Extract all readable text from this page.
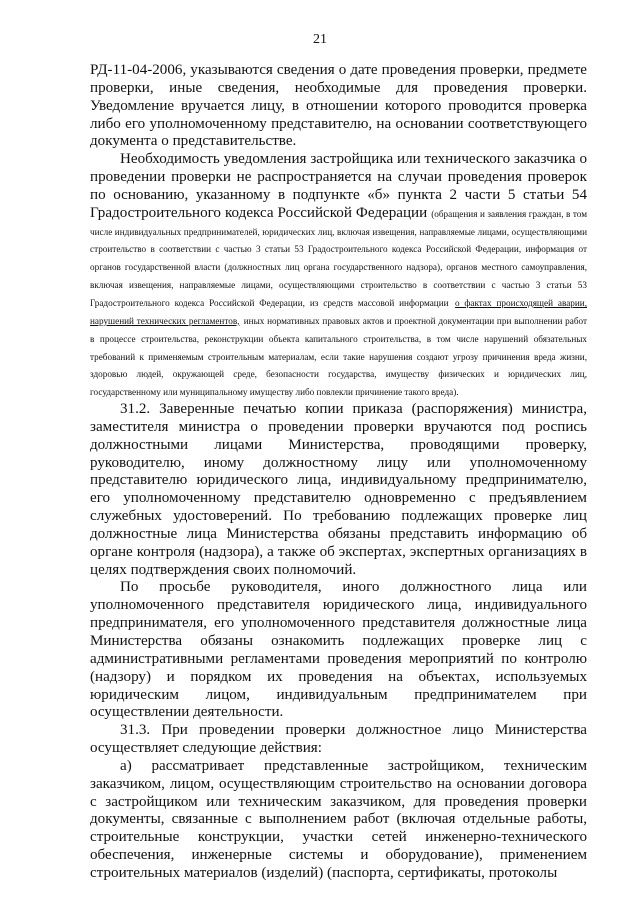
21

РД-11-04-2006, указываются сведения о дате проведения проверки, предмете проверки, иные сведения, необходимые для проведения проверки. Уведомление вручается лицу, в отношении которого проводится проверка либо его уполномоченному представителю, на основании соответствующего документа о представительстве.

Необходимость уведомления застройщика или технического заказчика о проведении проверки не распространяется на случаи проведения проверок по основанию, указанному в подпункте «б» пункта 2 части 5 статьи 54 Градостроительного кодекса Российской Федерации (обращения и заявления граждан, в том числе индивидуальных предпринимателей, юридических лиц, включая извещения, направляемые лицами, осуществляющими строительство в соответствии с частью 3 статьи 53 Градостроительного кодекса Российской Федерации, информация от органов государственной власти (должностных лиц органа государственного надзора), органов местного самоуправления, включая извещения, направляемые лицами, осуществляющими строительство в соответствии с частью 3 статьи 53 Градостроительного кодекса Российской Федерации, из средств массовой информации о фактах происходящей аварии, нарушений технических регламентов, иных нормативных правовых актов и проектной документации при выполнении работ в процессе строительства, реконструкции объекта капитального строительства, в том числе нарушений обязательных требований к применяемым строительным материалам, если такие нарушения создают угрозу причинения вреда жизни, здоровью людей, окружающей среде, безопасности государства, имуществу физических и юридических лиц, государственному или муниципальному имуществу либо повлекли причинение такого вреда).

31.2. Заверенные печатью копии приказа (распоряжения) министра, заместителя министра о проведении проверки вручаются под роспись должностными лицами Министерства, проводящими проверку, руководителю, иному должностному лицу или уполномоченному представителю юридического лица, индивидуальному предпринимателю, его уполномоченному представителю одновременно с предъявлением служебных удостоверений. По требованию подлежащих проверке лиц должностные лица Министерства обязаны представить информацию об органе контроля (надзора), а также об экспертах, экспертных организациях в целях подтверждения своих полномочий.

По просьбе руководителя, иного должностного лица или уполномоченного представителя юридического лица, индивидуального предпринимателя, его уполномоченного представителя должностные лица Министерства обязаны ознакомить подлежащих проверке лиц с административными регламентами проведения мероприятий по контролю (надзору) и порядком их проведения на объектах, используемых юридическим лицом, индивидуальным предпринимателем при осуществлении деятельности.

31.3. При проведении проверки должностное лицо Министерства осуществляет следующие действия:

а) рассматривает представленные застройщиком, техническим заказчиком, лицом, осуществляющим строительство на основании договора с застройщиком или техническим заказчиком, для проведения проверки документы, связанные с выполнением работ (включая отдельные работы, строительные конструкции, участки сетей инженерно-технического обеспечения, инженерные системы и оборудование), применением строительных материалов (изделий) (паспорта, сертификаты, протоколы
